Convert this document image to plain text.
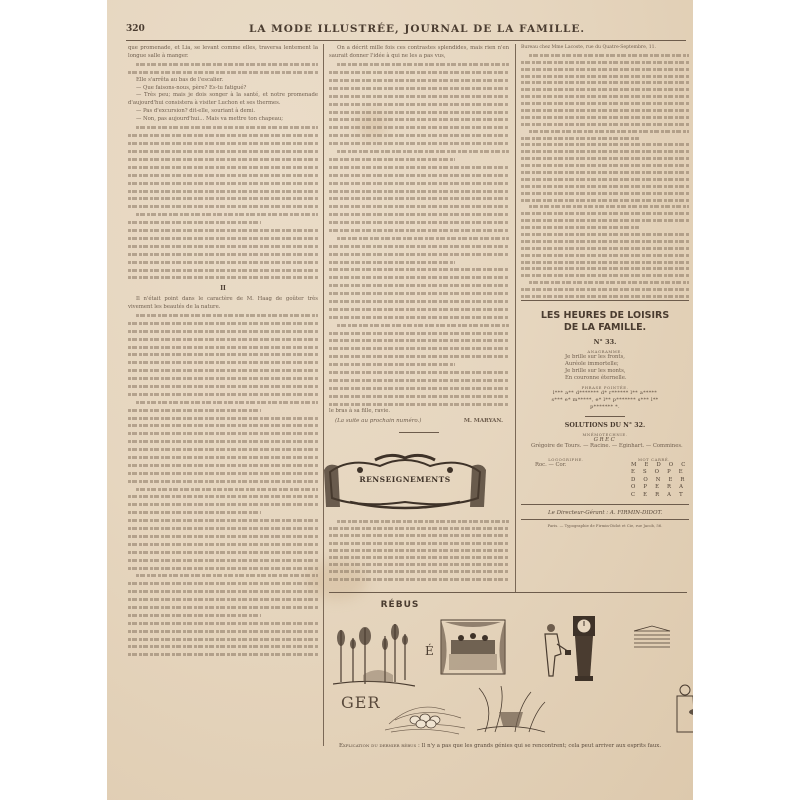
320	LA MODE ILLUSTRÉE, JOURNAL DE LA FAMILLE.

que promenade, et Lia, se levant comme elles, traversa lentement la longue salle à manger.

Elle s'arrêta au bas de l'escalier.

— Que faisons-nous, père? Es-tu fatigué?

— Très peu; mais je dois songer à la santé, et notre promenade d'aujourd'hui consistera à visiter Luchon et ses thermes.

— Pas d'excursion? dit-elle, souriant à demi.

— Non, pas aujourd'hui... Mais va mettre ton chapeau;

II

Il n'était point dans le caractère de M. Haag de goûter très vivement les beautés de la nature.

On a décrit mille fois ces contrastes splendides, mais rien n'en saurait donner l'idée à qui ne les a pas vus,

le bras à sa fille, ravie.

(La suite au prochain numéro.)	M. MARYAN.
RENSEIGNEMENTS

Bureau chez Mme Lacoste, rue du Quatre-Septembre, 11.

LES HEURES DE LOISIRS
DE LA FAMILLE.
N° 33.
ANAGRAMME.
Je brille sur les fronts,
Auréole immortelle;
Je brille sur les monts,
En couronne éternelle.
PHRASE POINTÉE.
l*** a** d******* d* r****** l** a*****
s*** e* m*****, e* l** p******* s*** l**
p******* *.
SOLUTIONS DU N° 32.
MNÉMOTECHNIE.
GREC
Grégoire de Tours. — Racine. — Eginhart. — Commines.
LOGOGRIPHE.
Roc. — Cor.
MOT CARRÉ.
M E D O C
E S O P E
D O N E R
O P E R A
C E R A T
Le Directeur-Gérant : A. FIRMIN-DIDOT.
Paris. — Typographie de Firmin-Didot et Cie, rue Jacob, 56.
RÉBUS
É
GER
Explication du dernier rébus : Il n'y a pas que les grands génies qui se rencontrent; cela peut arriver aux esprits faux.
